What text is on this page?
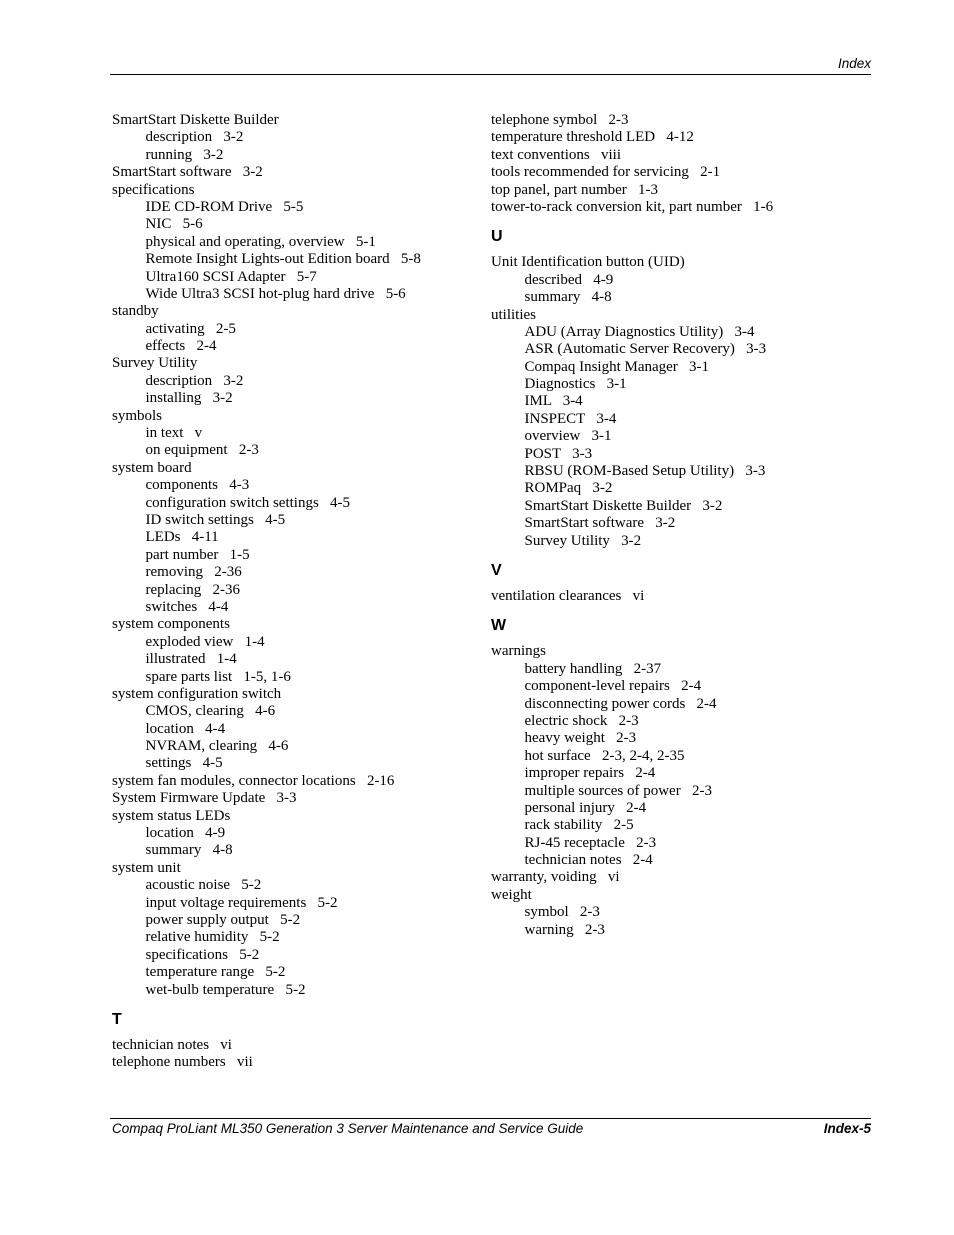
Index
SmartStart Diskette Builder
description   3-2
running   3-2
SmartStart software   3-2
specifications
IDE CD-ROM Drive   5-5
NIC   5-6
physical and operating, overview   5-1
Remote Insight Lights-out Edition board   5-8
Ultra160 SCSI Adapter   5-7
Wide Ultra3 SCSI hot-plug hard drive   5-6
standby
activating   2-5
effects   2-4
Survey Utility
description   3-2
installing   3-2
symbols
in text   v
on equipment   2-3
system board
components   4-3
configuration switch settings   4-5
ID switch settings   4-5
LEDs   4-11
part number   1-5
removing   2-36
replacing   2-36
switches   4-4
system components
exploded view   1-4
illustrated   1-4
spare parts list   1-5, 1-6
system configuration switch
CMOS, clearing   4-6
location   4-4
NVRAM, clearing   4-6
settings   4-5
system fan modules, connector locations   2-16
System Firmware Update   3-3
system status LEDs
location   4-9
summary   4-8
system unit
acoustic noise   5-2
input voltage requirements   5-2
power supply output   5-2
relative humidity   5-2
specifications   5-2
temperature range   5-2
wet-bulb temperature   5-2
T
technician notes   vi
telephone numbers   vii
telephone symbol   2-3
temperature threshold LED   4-12
text conventions   viii
tools recommended for servicing   2-1
top panel, part number   1-3
tower-to-rack conversion kit, part number   1-6
U
Unit Identification button (UID)
described   4-9
summary   4-8
utilities
ADU (Array Diagnostics Utility)   3-4
ASR (Automatic Server Recovery)   3-3
Compaq Insight Manager   3-1
Diagnostics   3-1
IML   3-4
INSPECT   3-4
overview   3-1
POST   3-3
RBSU (ROM-Based Setup Utility)   3-3
ROMPaq   3-2
SmartStart Diskette Builder   3-2
SmartStart software   3-2
Survey Utility   3-2
V
ventilation clearances   vi
W
warnings
battery handling   2-37
component-level repairs   2-4
disconnecting power cords   2-4
electric shock   2-3
heavy weight   2-3
hot surface   2-3, 2-4, 2-35
improper repairs   2-4
multiple sources of power   2-3
personal injury   2-4
rack stability   2-5
RJ-45 receptacle   2-3
technician notes   2-4
warranty, voiding   vi
weight
symbol   2-3
warning   2-3
Compaq ProLiant ML350 Generation 3 Server Maintenance and Service Guide	Index-5
